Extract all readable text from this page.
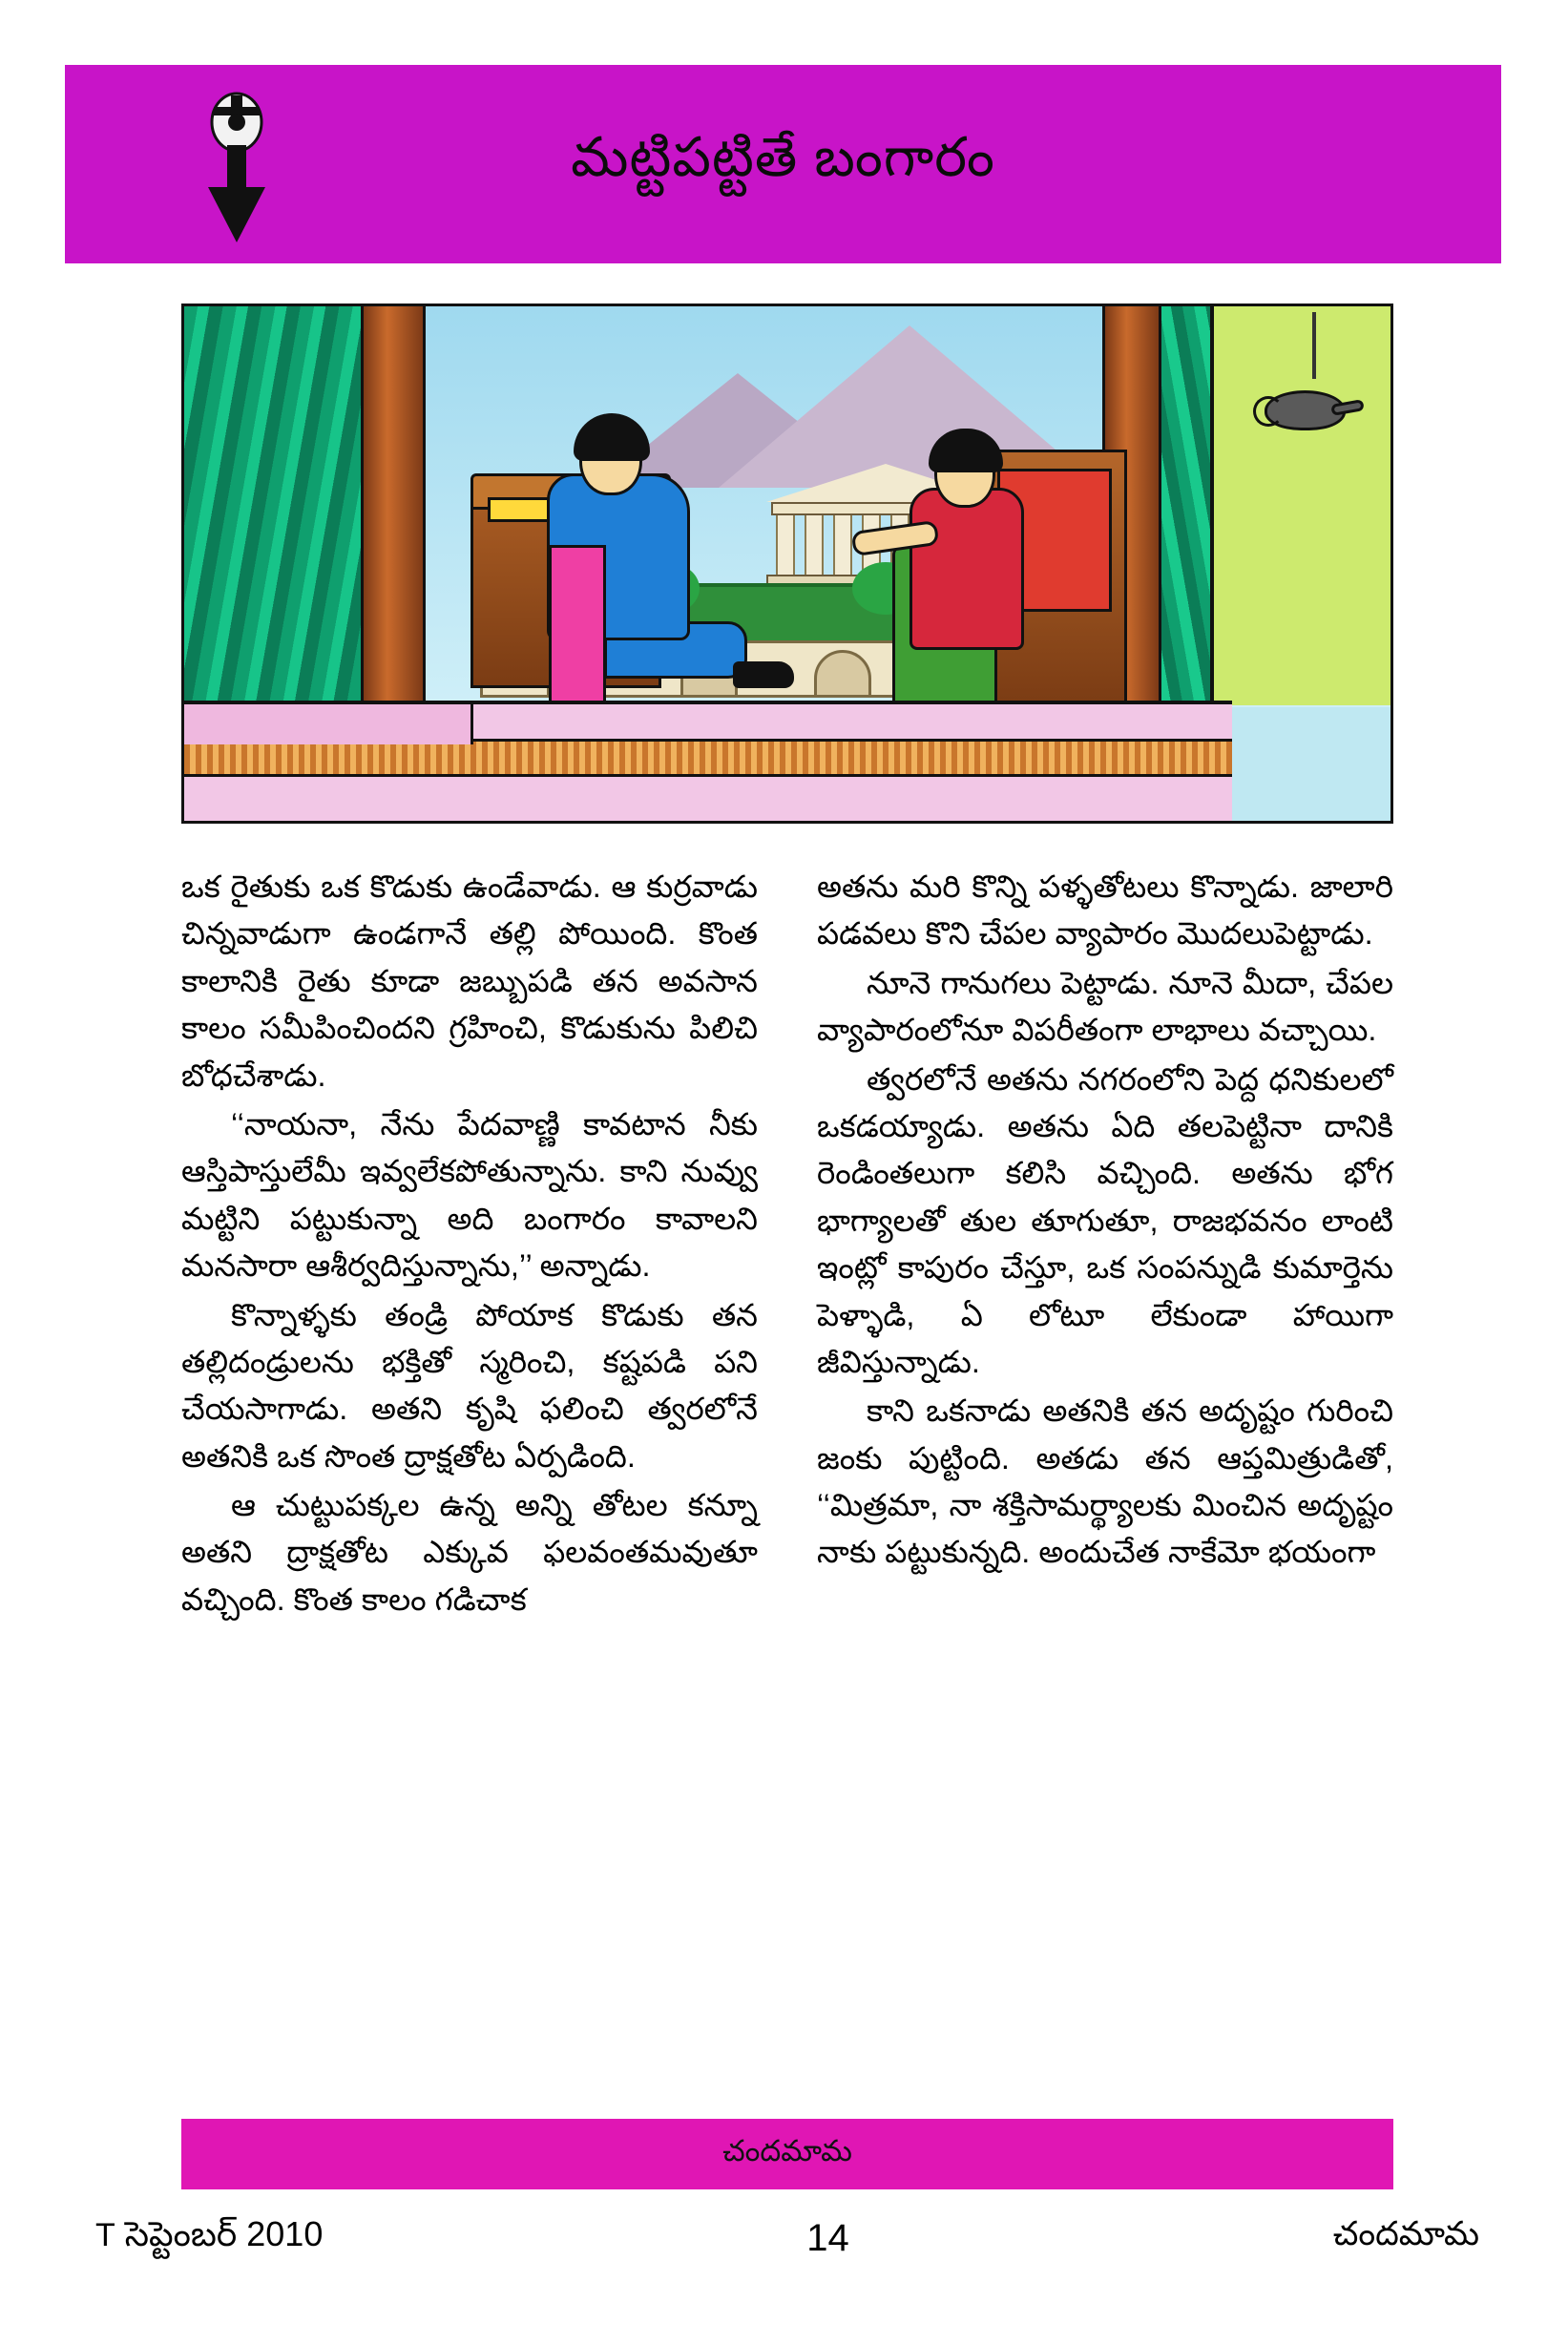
మట్టిపట్టితే బంగారం

ఒక రైతుకు ఒక కొడుకు ఉండేవాడు. ఆ కుర్రవాడు చిన్నవాడుగా ఉండగానే తల్లి పోయింది. కొంత కాలానికి రైతు కూడా జబ్బుపడి తన అవసాన కాలం సమీపించిందని గ్రహించి, కొడుకును పిలిచి బోధచేశాడు.

‘‘నాయనా, నేను పేదవాణ్ణి కావటాన నీకు ఆస్తిపాస్తులేమీ ఇవ్వలేకపోతున్నాను. కాని నువ్వు మట్టిని పట్టుకున్నా అది బంగారం కావాలని మనసారా ఆశీర్వదిస్తున్నాను,’’ అన్నాడు.

కొన్నాళ్ళకు తండ్రి పోయాక కొడుకు తన తల్లిదండ్రులను భక్తితో స్మరించి, కష్టపడి పని చేయసాగాడు. అతని కృషి ఫలించి త్వరలోనే అతనికి ఒక సొంత ద్రాక్షతోట ఏర్పడింది.

ఆ చుట్టుపక్కల ఉన్న అన్ని తోటల కన్నూ అతని ద్రాక్షతోట ఎక్కువ ఫలవంతమవుతూ వచ్చింది. కొంత కాలం గడిచాక

అతను మరి కొన్ని పళ్ళతోటలు కొన్నాడు. జాలారి పడవలు కొని చేపల వ్యాపారం మొదలుపెట్టాడు.

నూనె గానుగలు పెట్టాడు. నూనె మీదా, చేపల వ్యాపారంలోనూ విపరీతంగా లాభాలు వచ్చాయి.

త్వరలోనే అతను నగరంలోని పెద్ద ధనికులలో ఒకడయ్యాడు. అతను ఏది తలపెట్టినా దానికి రెండింతలుగా కలిసి వచ్చింది. అతను భోగ భాగ్యాలతో తుల తూగుతూ, రాజభవనం లాంటి ఇంట్లో కాపురం చేస్తూ, ఒక సంపన్నుడి కుమార్తెను పెళ్ళాడి, ఏ లోటూ లేకుండా హాయిగా జీవిస్తున్నాడు.

కాని ఒకనాడు అతనికి తన అదృష్టం గురించి జంకు పుట్టింది. అతడు తన ఆప్తమిత్రుడితో, ‘‘మిత్రమా, నా శక్తిసామర్థ్యాలకు మించిన అదృష్టం నాకు పట్టుకున్నది. అందుచేత నాకేమో భయంగా

చందమామ
T సెప్టెంబర్ 2010	14	చందమామ
